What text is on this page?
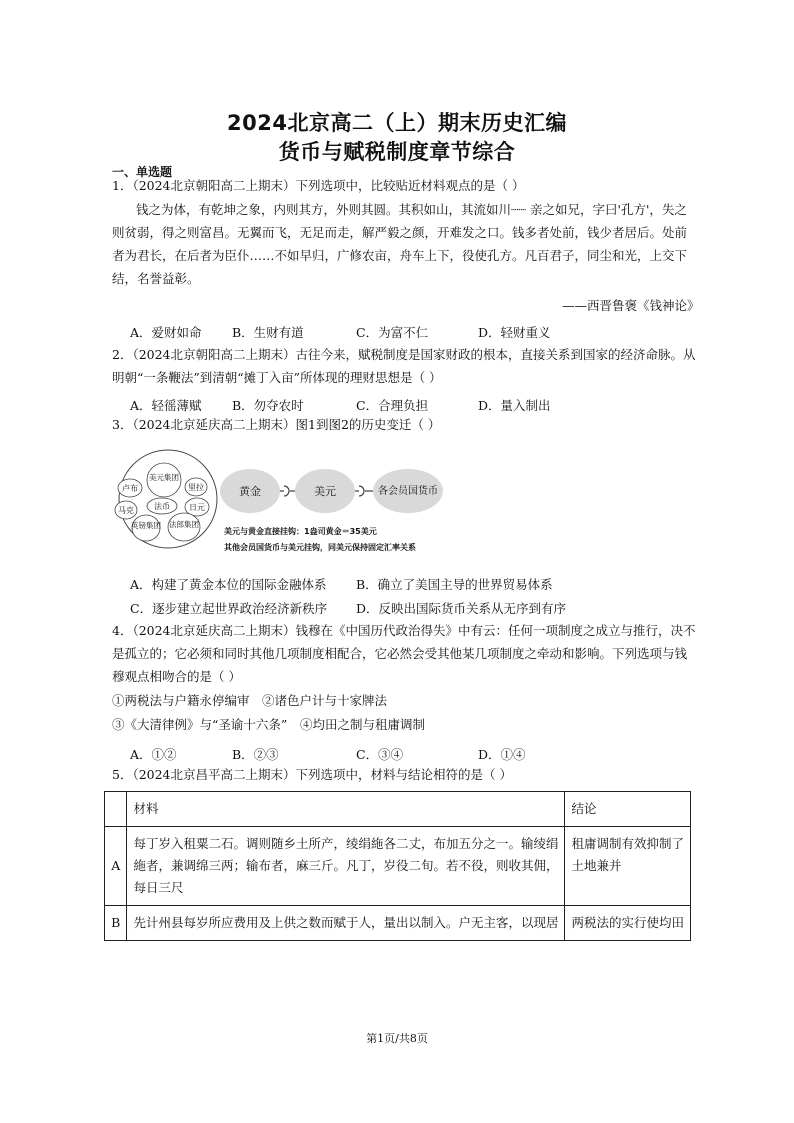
2024北京高二（上）期末历史汇编
货币与赋税制度章节综合
一、单选题
1．（2024北京朝阳高二上期末）下列选项中，比较贴近材料观点的是（ ）
钱之为体，有乾坤之象，内则其方，外则其圆。其积如山，其流如川┈┈ 亲之如兄，字曰'孔方'，失之
则贫弱，得之则富昌。无翼而飞，无足而走，解严毅之颜，开难发之口。钱多者处前，钱少者居后。处前
者为君长，在后者为臣仆……不如早归，广修农亩，舟车上下，役使孔方。凡百君子，同尘和光，上交下
结，名誉益彰。
——西晋鲁褒《钱神论》
A．爱财如命 B．生财有道	C．为富不仁	D．轻财重义
2．（2024北京朝阳高二上期末）古往今来，赋税制度是国家财政的根本，直接关系到国家的经济命脉。从
明朝“一条鞭法”到清朝“摊丁入亩”所体现的理财思想是（ ）
A．轻徭薄赋 B．勿夺农时	C．合理负担	D．量入制出
3．（2024北京延庆高二上期末）图1到图2的历史变迁（ ）
卢布
美元集团
里拉
日元
马克	法币
英镑集团 法郎集团
黄金	美元	各会员国货币
美元与黄金直接挂钩：1盎司黄金＝35美元
其他会员国货币与美元挂钩，同美元保持固定汇率关系
A．构建了黄金本位的国际金融体系 B．确立了美国主导的世界贸易体系
C．逐步建立起世界政治经济新秩序 D．反映出国际货币关系从无序到有序
4．（2024北京延庆高二上期末）钱穆在《中国历代政治得失》中有云：任何一项制度之成立与推行，决不
是孤立的；它必须和同时其他几项制度相配合，它必然会受其他某几项制度之牵动和影响。下列选项与钱
穆观点相吻合的是（ ）
①两税法与户籍永停编审 ②诸色户计与十家牌法
③《大清律例》与“圣谕十六条” ④均田之制与租庸调制
A．①②	B．②③	C．③④	D．①④
5．（2024北京昌平高二上期末）下列选项中，材料与结论相符的是（ ）
	材料	结论
A	每丁岁入租粟二石。调则随乡土所产，绫绢絁各二丈，布加五分之一。输绫绢絁者，兼调绵三两；输布者，麻三斤。凡丁，岁役二旬。若不役，则收其佣，每日三尺	租庸调制有效抑制了土地兼并
B	先计州县每岁所应费用及上供之数而赋于人，量出以制入。户无主客，以现居	两税法的实行使均田
第1页/共8页
